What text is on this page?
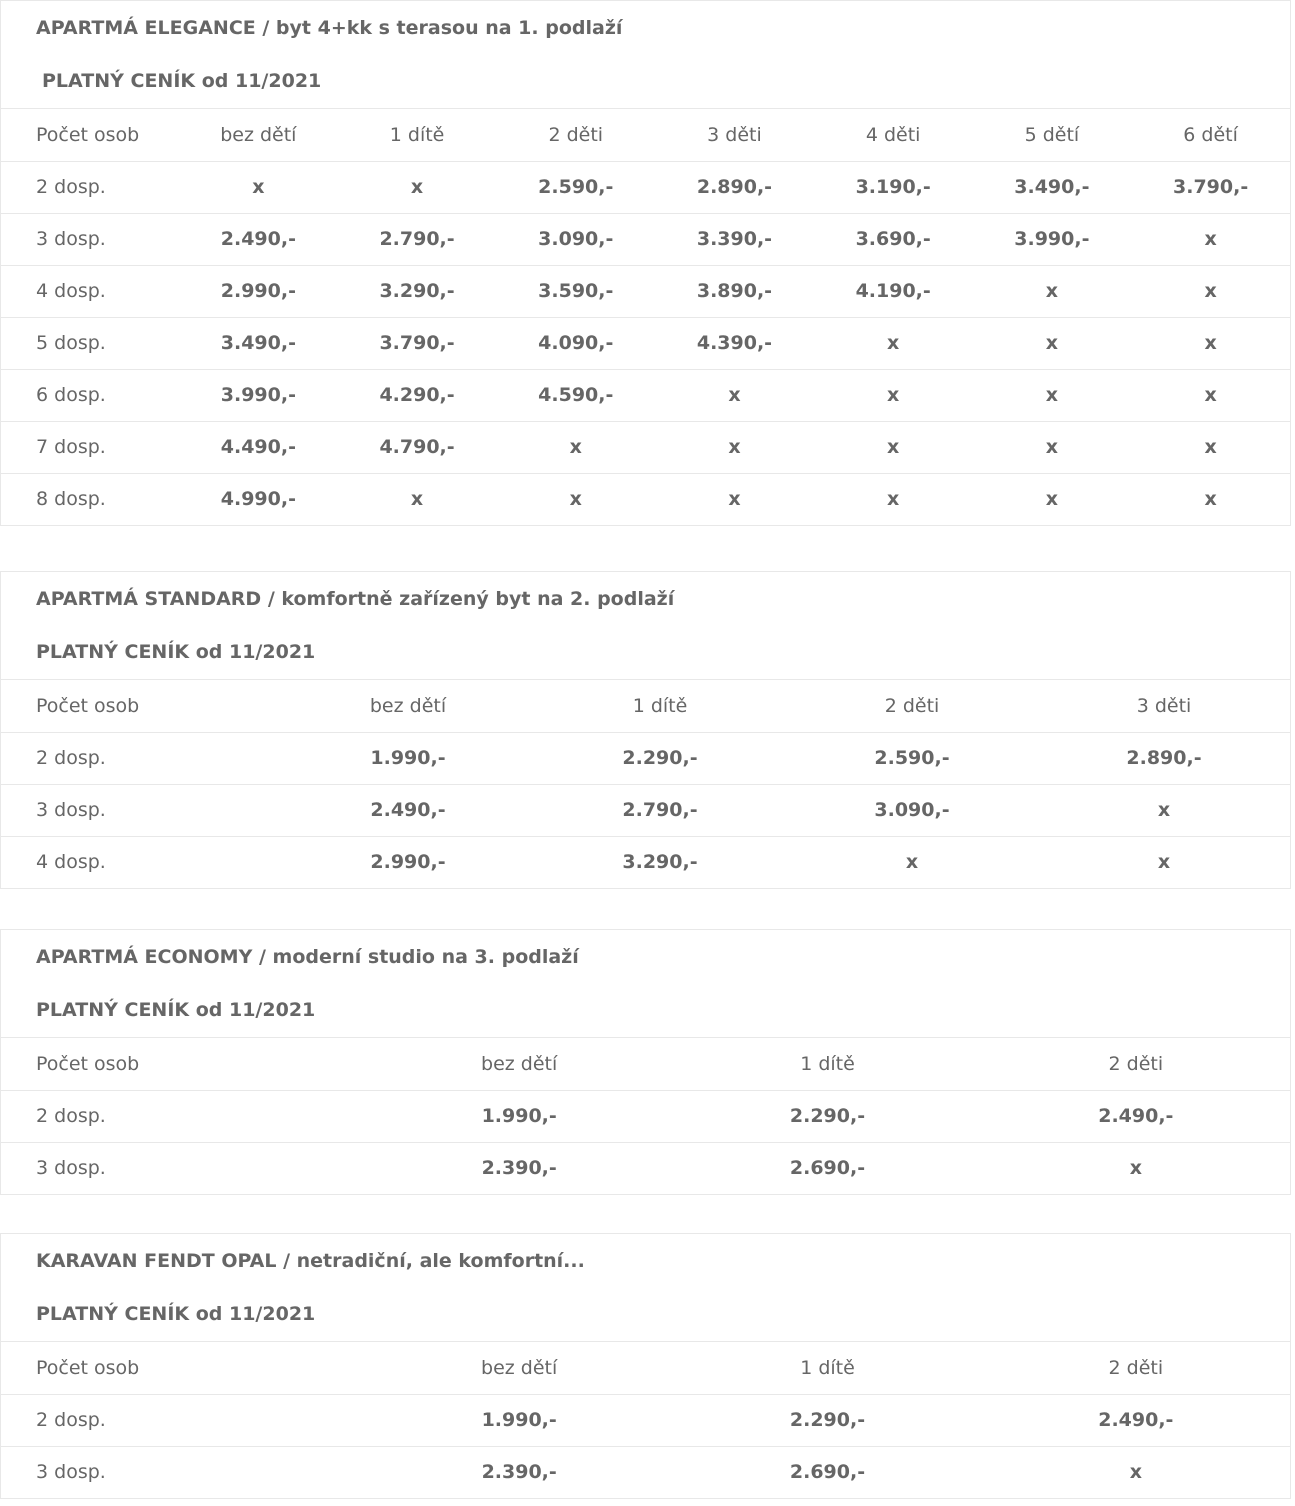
APARTMÁ ELEGANCE / byt 4+kk s terasou na 1. podlaží
PLATNÝ CENÍK od 11/2021
Počet osob	bez dětí	1 dítě	2 děti	3 děti	4 děti	5 dětí	6 dětí
2 dosp.	x	x	2.590,-	2.890,-	3.190,-	3.490,-	3.790,-
3 dosp.	2.490,-	2.790,-	3.090,-	3.390,-	3.690,-	3.990,-	x
4 dosp.	2.990,-	3.290,-	3.590,-	3.890,-	4.190,-	x	x
5 dosp.	3.490,-	3.790,-	4.090,-	4.390,-	x	x	x
6 dosp.	3.990,-	4.290,-	4.590,-	x	x	x	x
7 dosp.	4.490,-	4.790,-	x	x	x	x	x
8 dosp.	4.990,-	x	x	x	x	x	x
APARTMÁ STANDARD / komfortně zařízený byt na 2. podlaží
PLATNÝ CENÍK od 11/2021
Počet osob	bez dětí	1 dítě	2 děti	3 děti
2 dosp.	1.990,-	2.290,-	2.590,-	2.890,-
3 dosp.	2.490,-	2.790,-	3.090,-	x
4 dosp.	2.990,-	3.290,-	x	x
APARTMÁ ECONOMY / moderní studio na 3. podlaží
PLATNÝ CENÍK od 11/2021
Počet osob	bez dětí	1 dítě	2 děti
2 dosp.	1.990,-	2.290,-	2.490,-
3 dosp.	2.390,-	2.690,-	x
KARAVAN FENDT OPAL / netradiční, ale komfortní...
PLATNÝ CENÍK od 11/2021
Počet osob	bez dětí	1 dítě	2 děti
2 dosp.	1.990,-	2.290,-	2.490,-
3 dosp.	2.390,-	2.690,-	x
